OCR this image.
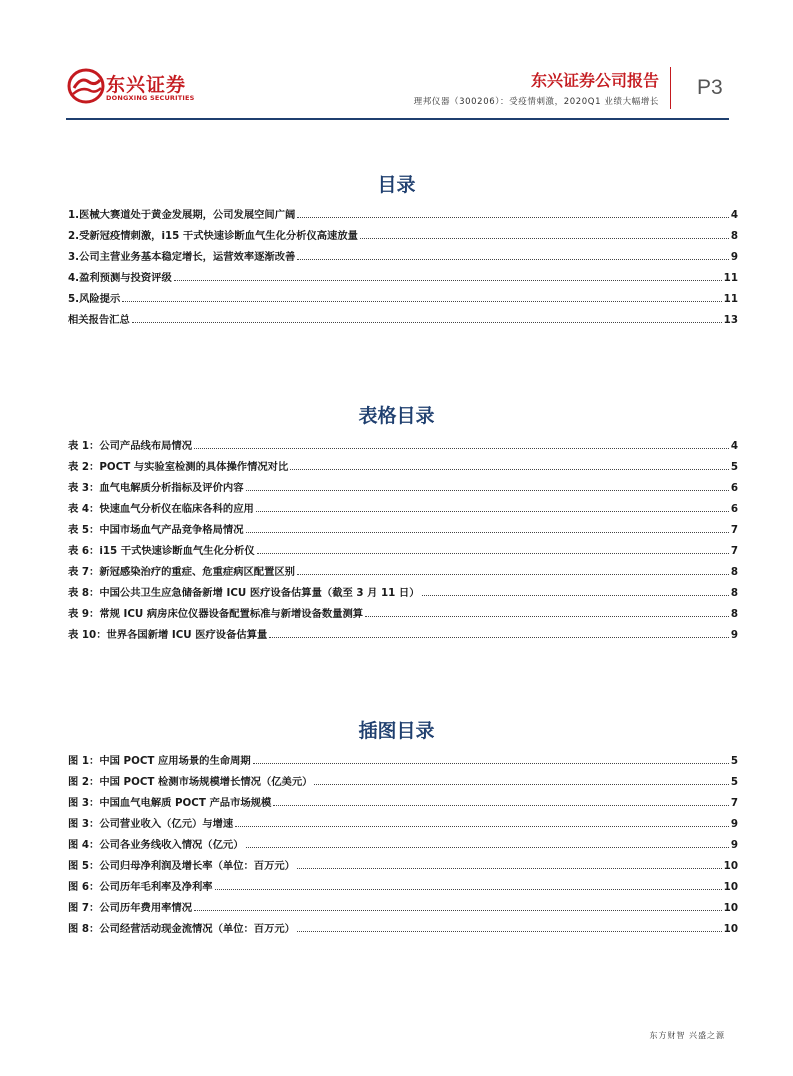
东兴证券
DONGXING SECURITIES
东兴证券公司报告
理邦仪器（300206）：受疫情刺激，2020Q1 业绩大幅增长
P3
目录
1.医械大赛道处于黄金发展期，公司发展空间广阔	4
2.受新冠疫情刺激，i15 干式快速诊断血气生化分析仪高速放量	8
3.公司主营业务基本稳定增长，运营效率逐渐改善	9
4.盈利预测与投资评级	11
5.风险提示	11
相关报告汇总	13
表格目录
表 1：公司产品线布局情况	4
表 2：POCT 与实验室检测的具体操作情况对比	5
表 3：血气电解质分析指标及评价内容	6
表 4：快速血气分析仪在临床各科的应用	6
表 5：中国市场血气产品竞争格局情况	7
表 6：i15 干式快速诊断血气生化分析仪	7
表 7：新冠感染治疗的重症、危重症病区配置区别	8
表 8：中国公共卫生应急储备新增 ICU 医疗设备估算量（截至 3 月 11 日）	8
表 9：常规 ICU 病房床位仪器设备配置标准与新增设备数量测算	8
表 10：世界各国新增 ICU 医疗设备估算量	9
插图目录
图 1：中国 POCT 应用场景的生命周期	5
图 2：中国 POCT 检测市场规模增长情况（亿美元）	5
图 3：中国血气电解质 POCT 产品市场规模	7
图 3：公司营业收入（亿元）与增速	9
图 4：公司各业务线收入情况（亿元）	9
图 5：公司归母净利润及增长率（单位：百万元）	10
图 6：公司历年毛利率及净利率	10
图 7：公司历年费用率情况	10
图 8：公司经营活动现金流情况（单位：百万元）	10
东方财智 兴盛之源
